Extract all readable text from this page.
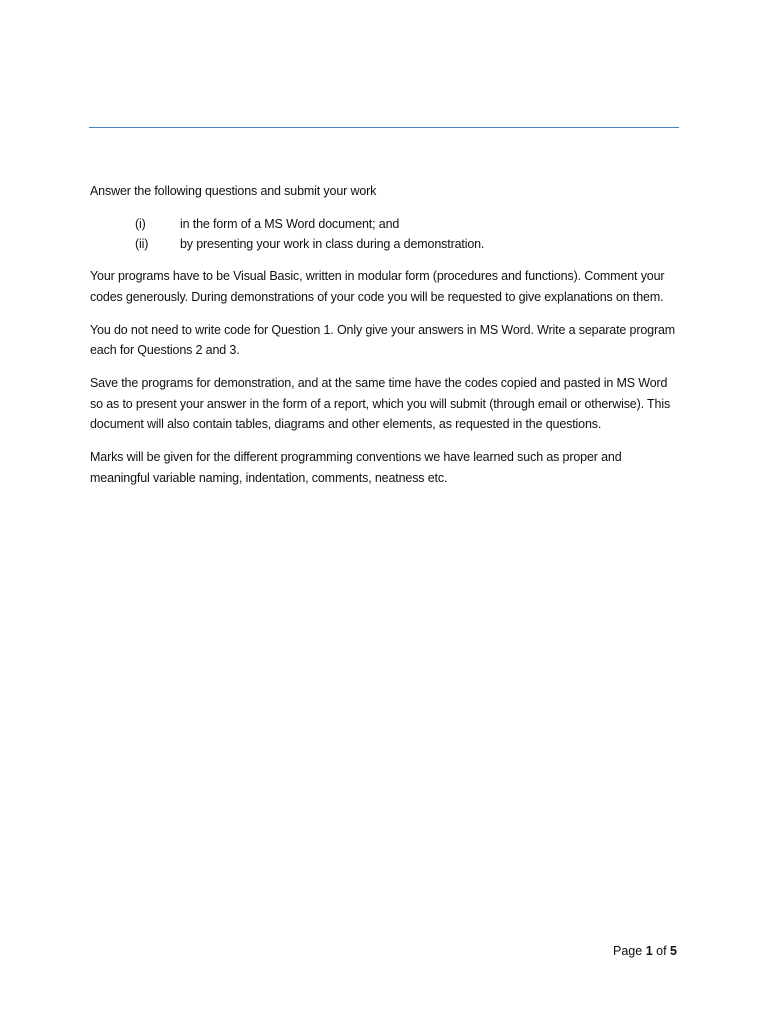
Answer the following questions and submit your work

(i)	in the form of a MS Word document; and
(ii)	by presenting your work in class during a demonstration.

Your programs have to be Visual Basic, written in modular form (procedures and functions). Comment your codes generously. During demonstrations of your code you will be requested to give explanations on them.

You do not need to write code for Question 1. Only give your answers in MS Word. Write a separate program each for Questions 2 and 3.

Save the programs for demonstration, and at the same time have the codes copied and pasted in MS Word so as to present your answer in the form of a report, which you will submit (through email or otherwise). This document will also contain tables, diagrams and other elements, as requested in the questions.

Marks will be given for the different programming conventions we have learned such as proper and meaningful variable naming, indentation, comments, neatness etc.

Page 1 of 5
